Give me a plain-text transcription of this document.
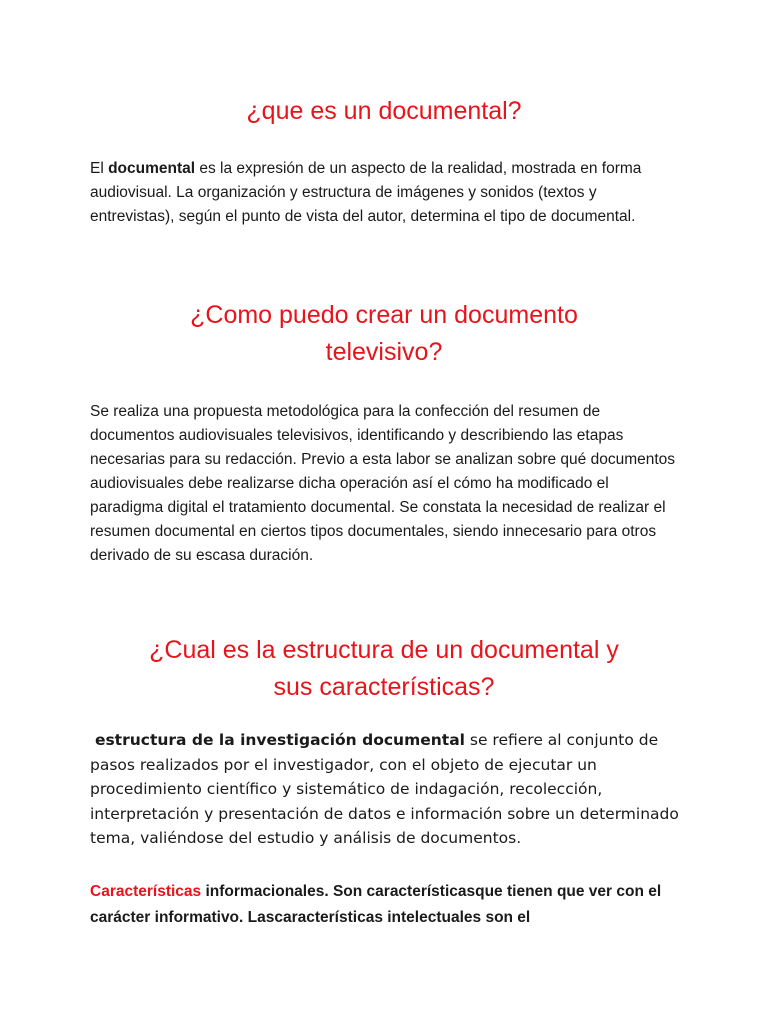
¿que es un documental?

El documental es la expresión de un aspecto de la realidad, mostrada en forma audiovisual. La organización y estructura de imágenes y sonidos (textos y entrevistas), según el punto de vista del autor, determina el tipo de documental.

¿Como puedo crear un documento
televisivo?

Se realiza una propuesta metodológica para la confección del resumen de documentos audiovisuales televisivos, identificando y describiendo las etapas necesarias para su redacción. Previo a esta labor se analizan sobre qué documentos audiovisuales debe realizarse dicha operación así el cómo ha modificado el paradigma digital el tratamiento documental. Se constata la necesidad de realizar el resumen documental en ciertos tipos documentales, siendo innecesario para otros derivado de su escasa duración.

¿Cual es la estructura de un documental y
sus características?

estructura de la investigación documental se refiere al conjunto de pasos realizados por el investigador, con el objeto de ejecutar un procedimiento científico y sistemático de indagación, recolección, interpretación y presentación de datos e información sobre un determinado tema, valiéndose del estudio y análisis de documentos.

Características informacionales. Son característicasque tienen que ver con el carácter informativo. Lascaracterísticas intelectuales son el
